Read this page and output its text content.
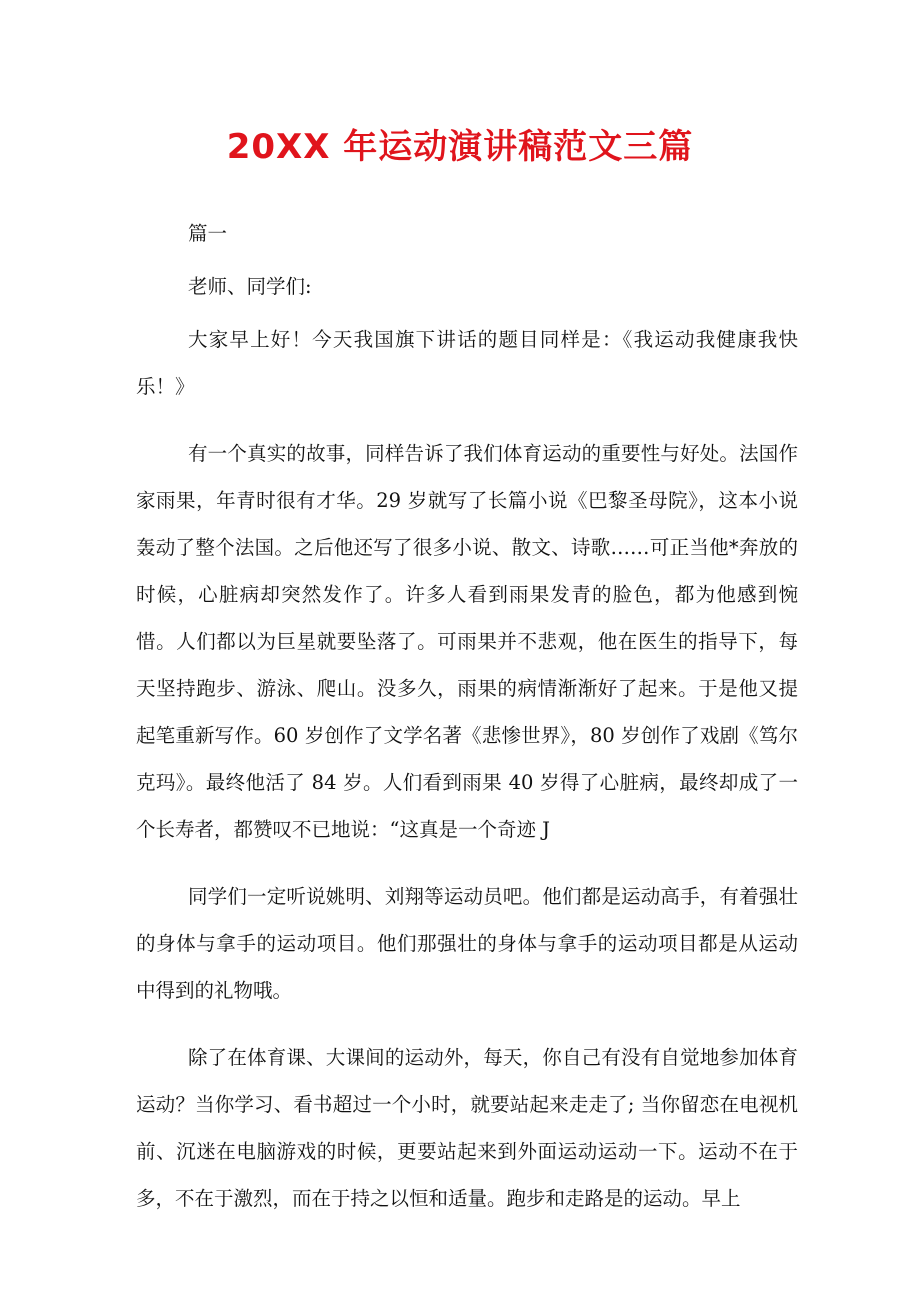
20XX 年运动演讲稿范文三篇

篇一

老师、同学们:

大家早上好！今天我国旗下讲话的题目同样是：《我运动我健康我快乐！》

有一个真实的故事，同样告诉了我们体育运动的重要性与好处。法国作家雨果，年青时很有才华。29 岁就写了长篇小说《巴黎圣母院》，这本小说轰动了整个法国。之后他还写了很多小说、散文、诗歌……可正当他*奔放的时候，心脏病却突然发作了。许多人看到雨果发青的脸色，都为他感到惋惜。人们都以为巨星就要坠落了。可雨果并不悲观，他在医生的指导下，每天坚持跑步、游泳、爬山。没多久，雨果的病情渐渐好了起来。于是他又提起笔重新写作。60 岁创作了文学名著《悲惨世界》，80 岁创作了戏剧《笃尔克玛》。最终他活了 84 岁。人们看到雨果 40 岁得了心脏病，最终却成了一个长寿者，都赞叹不已地说：“这真是一个奇迹 J

同学们一定听说姚明、刘翔等运动员吧。他们都是运动高手，有着强壮的身体与拿手的运动项目。他们那强壮的身体与拿手的运动项目都是从运动中得到的礼物哦。

除了在体育课、大课间的运动外，每天，你自己有没有自觉地参加体育运动？当你学习、看书超过一个小时，就要站起来走走了; 当你留恋在电视机前、沉迷在电脑游戏的时候，更要站起来到外面运动运动一下。运动不在于多，不在于激烈，而在于持之以恒和适量。跑步和走路是的运动。早上
